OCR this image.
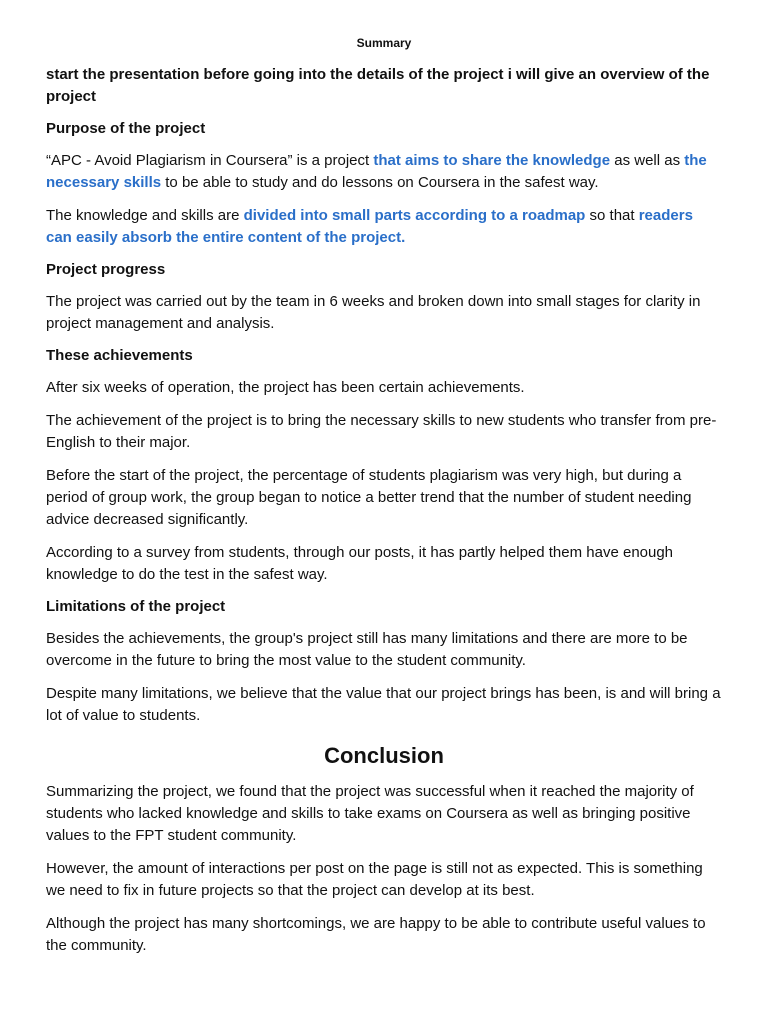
Summary
start the presentation before going into the details of the project i will give an overview of the project
Purpose of the project

“APC - Avoid Plagiarism in Coursera” is a project that aims to share the knowledge as well as the necessary skills to be able to study and do lessons on Coursera in the safest way.

The knowledge and skills are divided into small parts according to a roadmap so that readers can easily absorb the entire content of the project.

Project progress

The project was carried out by the team in 6 weeks and broken down into small stages for clarity in project management and analysis.

These achievements

After six weeks of operation, the project has been certain achievements.

The achievement of the project is to bring the necessary skills to new students who transfer from pre-English to their major.

Before the start of the project, the percentage of students plagiarism was very high, but during a period of group work, the group began to notice a better trend that the number of student needing advice decreased significantly.

According to a survey from students, through our posts, it has partly helped them have enough knowledge to do the test in the safest way.

Limitations of the project

Besides the achievements, the group's project still has many limitations and there are more to be overcome in the future to bring the most value to the student community.

Despite many limitations, we believe that the value that our project brings has been, is and will bring a lot of value to students.

Conclusion

Summarizing the project, we found that the project was successful when it reached the majority of students who lacked knowledge and skills to take exams on Coursera as well as bringing positive values to the FPT student community.

However, the amount of interactions per post on the page is still not as expected. This is something we need to fix in future projects so that the project can develop at its best.

Although the project has many shortcomings, we are happy to be able to contribute useful values to the community.
